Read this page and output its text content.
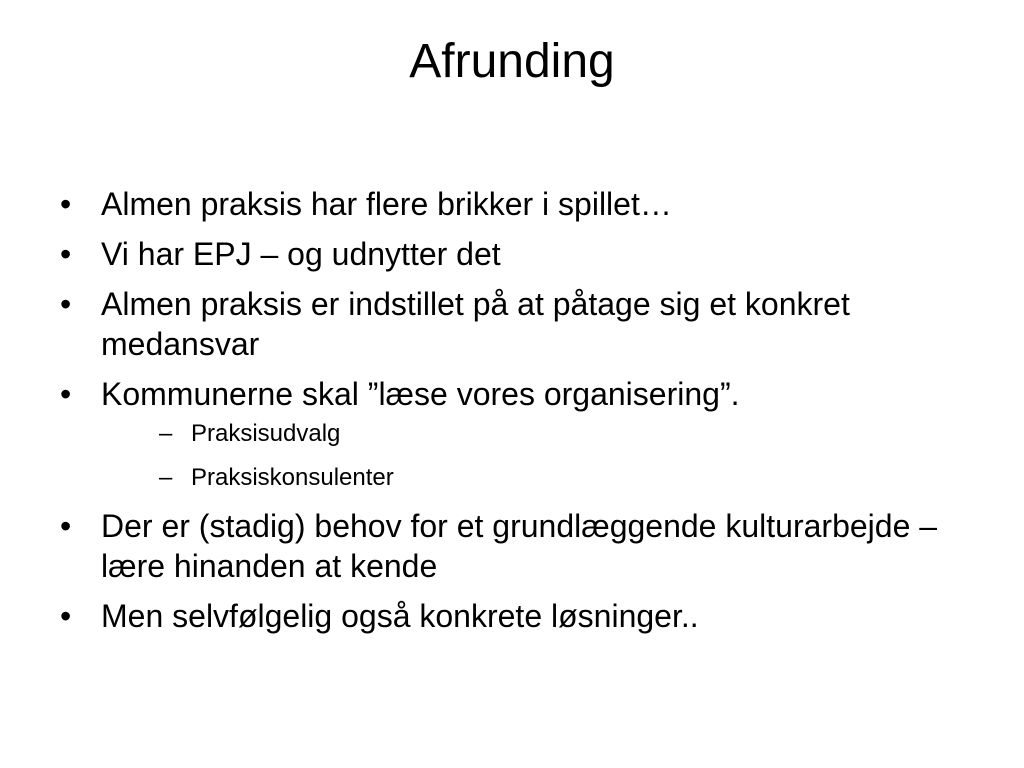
Afrunding
• Almen praksis har flere brikker i spillet…
• Vi har EPJ – og udnytter det
• Almen praksis er indstillet på at påtage sig et konkret medansvar
• Kommunerne skal ”læse vores organisering”.
– Praksisudvalg
– Praksiskonsulenter
• Der er (stadig) behov for et grundlæggende kulturarbejde – lære hinanden at kende
• Men selvfølgelig også konkrete løsninger..
